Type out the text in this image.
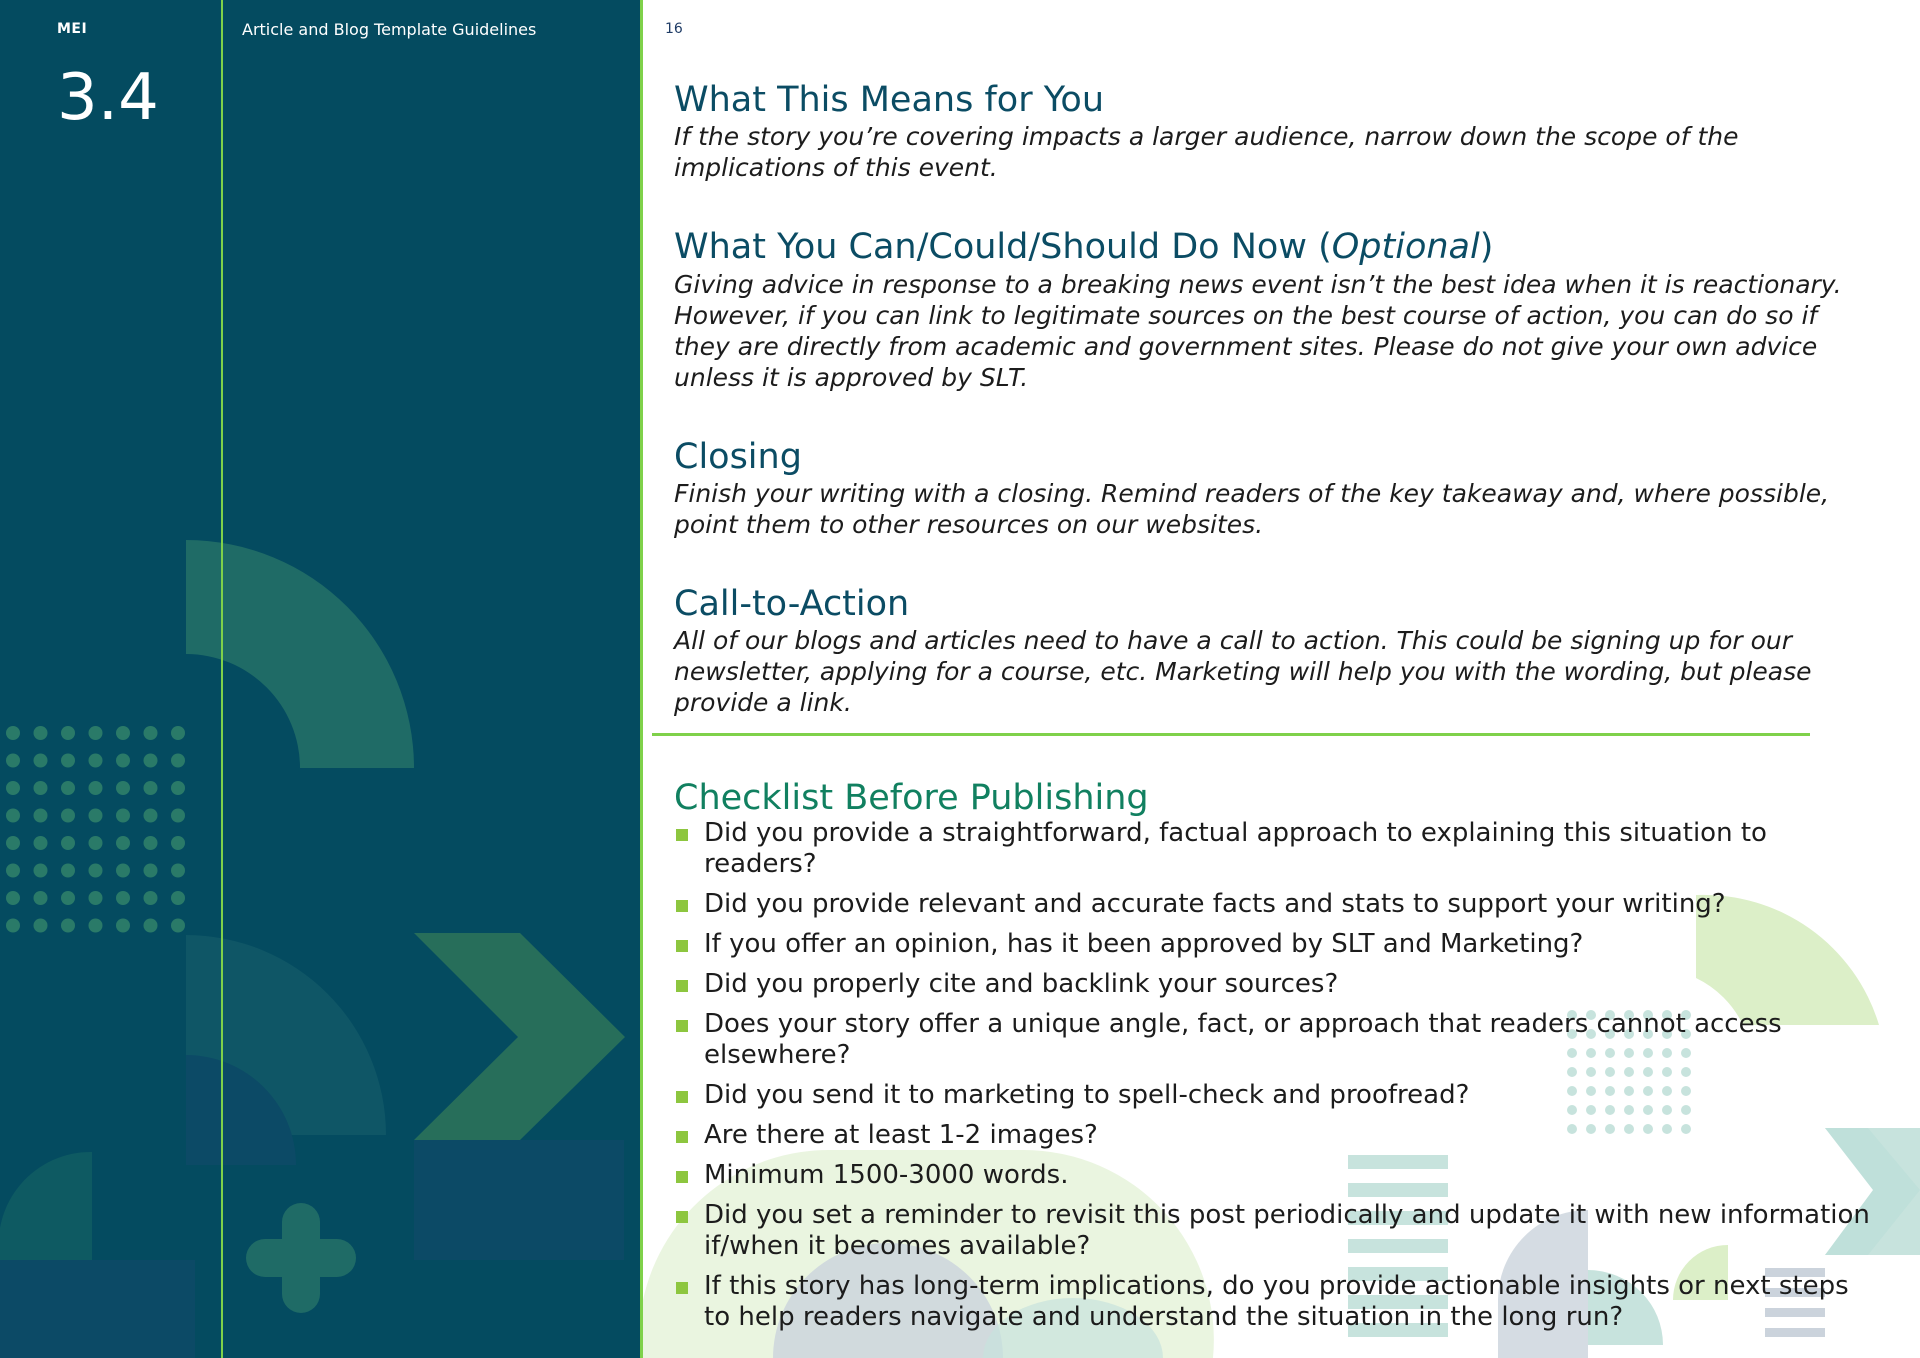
MEI
3.4
Article and Blog Template Guidelines	16
What This Means for You

If the story you’re covering impacts a larger audience, narrow down the scope of the implications of this event.

What You Can/Could/Should Do Now (Optional)

Giving advice in response to a breaking news event isn’t the best idea when it is reactionary. However, if you can link to legitimate sources on the best course of action, you can do so if they are directly from academic and government sites. Please do not give your own advice unless it is approved by SLT.

Closing

Finish your writing with a closing. Remind readers of the key takeaway and, where possible, point them to other resources on our websites.

Call-to-Action

All of our blogs and articles need to have a call to action. This could be signing up for our newsletter, applying for a course, etc. Marketing will help you with the wording, but please provide a link.

Checklist Before Publishing
Did you provide a straightforward, factual approach to explaining this situation to readers?
Did you provide relevant and accurate facts and stats to support your writing?
If you offer an opinion, has it been approved by SLT and Marketing?
Did you properly cite and backlink your sources?
Does your story offer a unique angle, fact, or approach that readers cannot access elsewhere?
Did you send it to marketing to spell-check and proofread?
Are there at least 1-2 images?
Minimum 1500-3000 words.
Did you set a reminder to revisit this post periodically and update it with new information if/when it becomes available?
If this story has long-term implications, do you provide actionable insights or next steps to help readers navigate and understand the situation in the long run?
